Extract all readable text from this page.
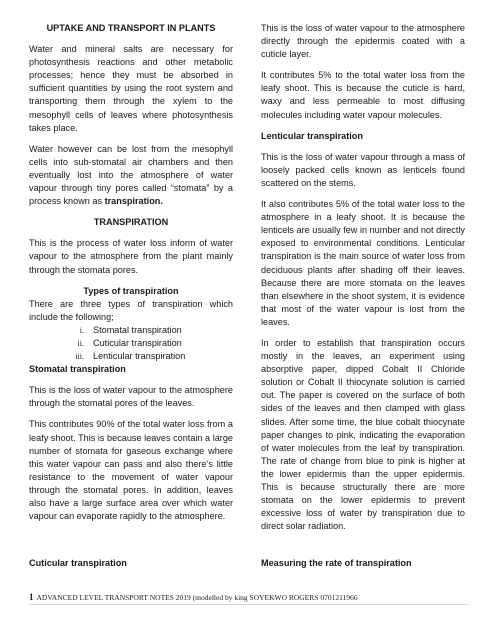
UPTAKE AND TRANSPORT IN PLANTS

Water and mineral salts are necessary for photosynthesis reactions and other metabolic processes; hence they must be absorbed in sufficient quantities by using the root system and transporting them through the xylem to the mesophyll cells of leaves where photosynthesis takes place.

Water however can be lost from the mesophyll cells into sub-stomatal air chambers and then eventually lost into the atmosphere of water vapour through tiny pores called “stomata” by a process known as transpiration.

TRANSPIRATION

This is the process of water loss inform of water vapour to the atmosphere from the plant mainly through the stomata pores.

Types of transpiration

There are three types of transpiration which include the following;

i. Stomatal transpiration
ii. Cuticular transpiration
iii. Lenticular transpiration
Stomatal transpiration

This is the loss of water vapour to the atmosphere through the stomatal pores of the leaves.

This contributes 90% of the total water loss from a leafy shoot. This is because leaves contain a large number of stomata for gaseous exchange where this water vapour can pass and also there’s little resistance to the movement of water vapour through the stomatal pores. In addition, leaves also have a large surface area over which water vapour can evaporate rapidly to the atmosphere.

This is the loss of water vapour to the atmosphere directly through the epidermis coated with a cuticle layer.

It contributes 5% to the total water loss from the leafy shoot. This is because the cuticle is hard, waxy and less permeable to most diffusing molecules including water vapour molecules.

Lenticular transpiration

This is the loss of water vapour through a mass of loosely packed cells known as lenticels found scattered on the stems.

It also contributes 5% of the total water loss to the atmosphere in a leafy shoot. It is because the lenticels are usually few in number and not directly exposed to environmental conditions. Lenticular transpiration is the main source of water loss from deciduous plants after shading off their leaves. Because there are more stomata on the leaves than elsewhere in the shoot system, it is evidence that most of the water vapour is lost from the leaves.

In order to establish that transpiration occurs mostly in the leaves, an experiment using absorptive paper, dipped Cobalt II Chloride solution or Cobalt II thiocynate solution is carried out. The paper is covered on the surface of both sides of the leaves and then clamped with glass slides. After some time, the blue cobalt thiocynate paper changes to pink, indicating the evaporation of water molecules from the leaf by transpiration. The rate of change from blue to pink is higher at the lower epidermis than the upper epidermis. This is because structurally there are more stomata on the lower epidermis to prevent excessive loss of water by transpiration due to direct solar radiation.

Cuticular transpiration	Measuring the rate of transpiration
1 ADVANCED LEVEL TRANSPORT NOTES 2019 (modelled by king SOYEKWO ROGERS 0701211966
